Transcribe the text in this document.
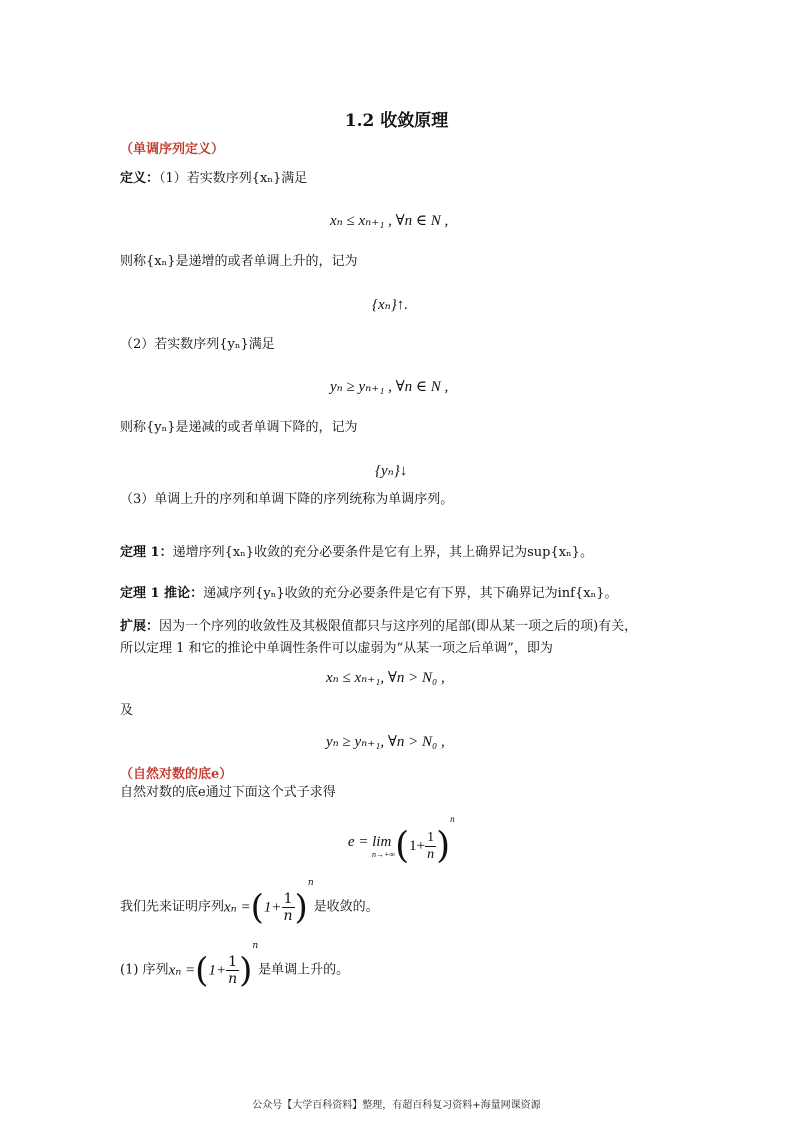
1.2 收敛原理
（单调序列定义）
定义：（1）若实数序列{xₙ}满足
xₙ ≤ xₙ₊₁ , ∀n ∈ N ,
则称{xₙ}是递增的或者单调上升的，记为
{xₙ}↑.
（2）若实数序列{yₙ}满足
yₙ ≥ yₙ₊₁ , ∀n ∈ N ,
则称{yₙ}是递减的或者单调下降的，记为
{yₙ}↓
（3）单调上升的序列和单调下降的序列统称为单调序列。
定理 1：递增序列{xₙ}收敛的充分必要条件是它有上界，其上确界记为sup{xₙ}。
定理 1 推论：递减序列{yₙ}收敛的充分必要条件是它有下界，其下确界记为inf{xₙ}。
扩展：因为一个序列的收敛性及其极限值都只与这序列的尾部(即从某一项之后的项)有关，
所以定理 1 和它的推论中单调性条件可以虚弱为“从某一项之后单调”，即为
xₙ ≤ xₙ₊₁, ∀n > N₀ ,
及
yₙ ≥ yₙ₊₁, ∀n > N₀ ,
（自然对数的底e）
自然对数的底e通过下面这个式子求得
e = lim
n→+∞ $(1+ \frac{1}{n} )^n$
我们先来证明序列$x_n =(1+ \frac{1}{n} )^n$是收敛的。
(1) 序列$x_n =(1+ \frac{1}{n} )^n$是单调上升的。
公众号【大学百科资料】整理，有超百科复习资料+海量网课资源
